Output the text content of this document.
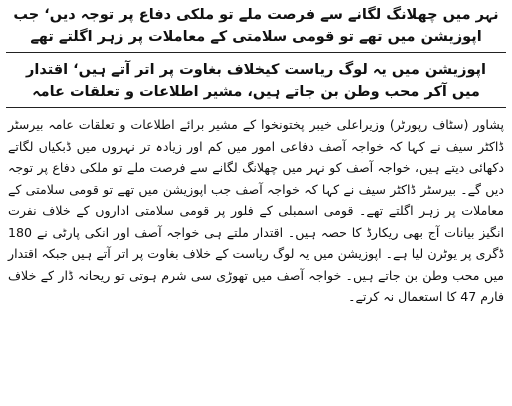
نہر میں چھلانگ لگانے سے فرصت ملے تو ملکی دفاع پر توجہ دیں‘ جب اپوزیشن میں تھے تو قومی سلامتی کے معاملات پر زہر اگلتے تھے
اپوزیشن میں یہ لوگ ریاست کیخلاف بغاوت پر اتر آتے ہیں‘ اقتدار میں آکر محب وطن بن جاتے ہیں، مشیر اطلاعات و تعلقات عامہ

پشاور (سٹاف رپورٹر) وزیراعلی خیبر پختونخوا کے مشیر برائے اطلاعات و تعلقات عامہ بیرسٹر ڈاکٹر سیف نے کہا کہ خواجہ آصف دفاعی امور میں کم اور زیادہ تر نہروں میں ڈبکیاں لگاتے دکھائی دیتے ہیں، خواجہ آصف کو نہر میں چھلانگ لگانے سے فرصت ملے تو ملکی دفاع پر توجہ دیں گے۔ بیرسٹر ڈاکٹر سیف نے کہا کہ خواجہ آصف جب اپوزیشن میں تھے تو قومی سلامتی کے معاملات پر زہر اگلتے تھے۔ قومی اسمبلی کے فلور پر قومی سلامتی اداروں کے خلاف نفرت انگیز بیانات آج بھی ریکارڈ کا حصہ ہیں۔ اقتدار ملتے ہی خواجہ آصف اور انکی پارٹی نے 180 ڈگری پر یوٹرن لیا ہے۔ اپوزیشن میں یہ لوگ ریاست کے خلاف بغاوت پر اتر آتے ہیں جبکہ اقتدار میں محب وطن بن جاتے ہیں۔ خواجہ آصف میں تھوڑی سی شرم ہوتی تو ریحانہ ڈار کے خلاف فارم 47 کا استعمال نہ کرتے۔
